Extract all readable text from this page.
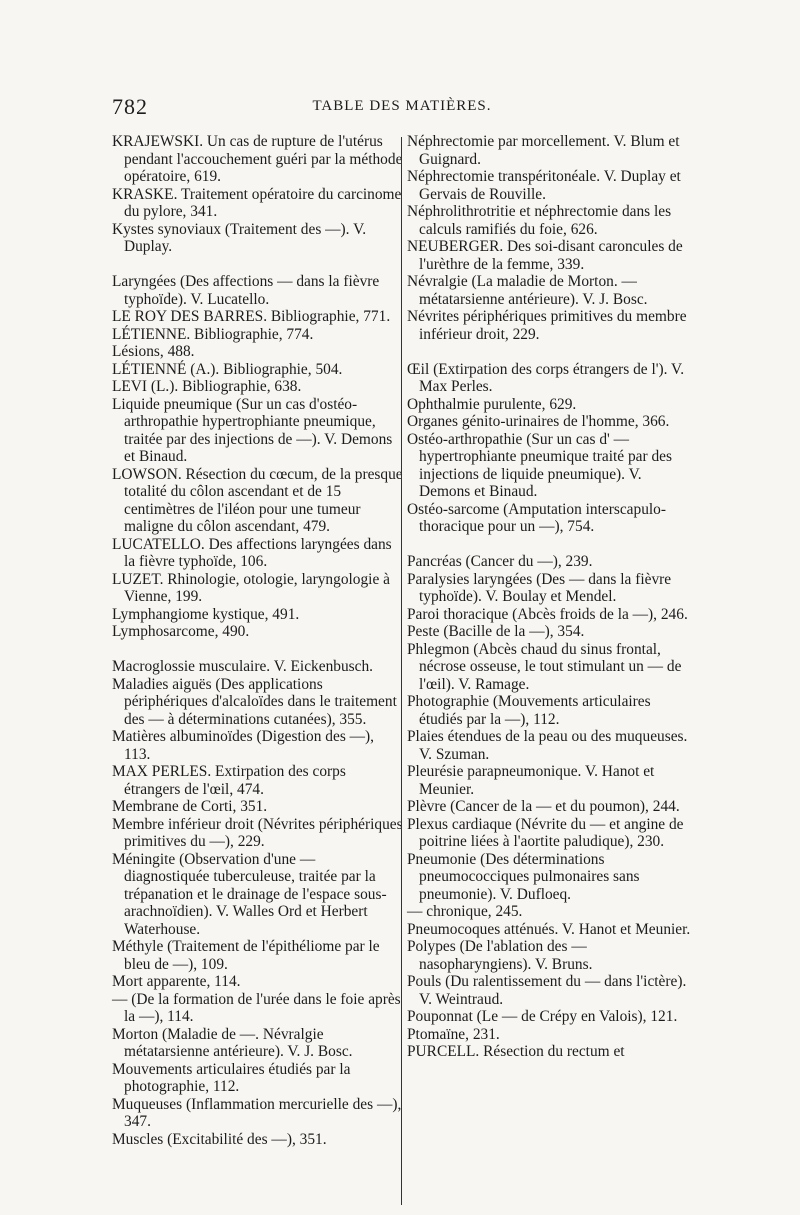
782	TABLE DES MATIÈRES.

KRAJEWSKI. Un cas de rupture de l'utérus pendant l'accouchement guéri par la méthode opératoire, 619.

KRASKE. Traitement opératoire du carcinome du pylore, 341.

Kystes synoviaux (Traitement des —). V. Duplay.

Laryngées (Des affections — dans la fièvre typhoïde). V. Lucatello.

LE ROY DES BARRES. Bibliographie, 771.

LÉTIENNE. Bibliographie, 774.

Lésions, 488.

LÉTIENNÉ (A.). Bibliographie, 504.

LEVI (L.). Bibliographie, 638.

Liquide pneumique (Sur un cas d'ostéo-arthropathie hypertrophiante pneumique, traitée par des injections de —). V. Demons et Binaud.

LOWSON. Résection du cœcum, de la presque totalité du côlon ascendant et de 15 centimètres de l'iléon pour une tumeur maligne du côlon ascendant, 479.

LUCATELLO. Des affections laryngées dans la fièvre typhoïde, 106.

LUZET. Rhinologie, otologie, laryngologie à Vienne, 199.

Lymphangiome kystique, 491.

Lymphosarcome, 490.

Macroglossie musculaire. V. Eickenbusch.

Maladies aiguës (Des applications périphériques d'alcaloïdes dans le traitement des — à déterminations cutanées), 355.

Matières albuminoïdes (Digestion des —), 113.

MAX PERLES. Extirpation des corps étrangers de l'œil, 474.

Membrane de Corti, 351.

Membre inférieur droit (Névrites périphériques primitives du —), 229.

Méningite (Observation d'une — diagnostiquée tuberculeuse, traitée par la trépanation et le drainage de l'espace sous-arachnoïdien). V. Walles Ord et Herbert Waterhouse.

Méthyle (Traitement de l'épithéliome par le bleu de —), 109.

Mort apparente, 114.

— (De la formation de l'urée dans le foie après la —), 114.

Morton (Maladie de —. Névralgie métatarsienne antérieure). V. J. Bosc.

Mouvements articulaires étudiés par la photographie, 112.

Muqueuses (Inflammation mercurielle des —), 347.

Muscles (Excitabilité des —), 351.

Néphrectomie par morcellement. V. Blum et Guignard.

Néphrectomie transpéritonéale. V. Duplay et Gervais de Rouville.

Néphrolithrotritie et néphrectomie dans les calculs ramifiés du foie, 626.

NEUBERGER. Des soi-disant caroncules de l'urèthre de la femme, 339.

Névralgie (La maladie de Morton. — métatarsienne antérieure). V. J. Bosc.

Névrites périphériques primitives du membre inférieur droit, 229.

Œil (Extirpation des corps étrangers de l'). V. Max Perles.

Ophthalmie purulente, 629.

Organes génito-urinaires de l'homme, 366.

Ostéo-arthropathie (Sur un cas d' — hypertrophiante pneumique traité par des injections de liquide pneumique). V. Demons et Binaud.

Ostéo-sarcome (Amputation interscapulo-thoracique pour un —), 754.

Pancréas (Cancer du —), 239.

Paralysies laryngées (Des — dans la fièvre typhoïde). V. Boulay et Mendel.

Paroi thoracique (Abcès froids de la —), 246.

Peste (Bacille de la —), 354.

Phlegmon (Abcès chaud du sinus frontal, nécrose osseuse, le tout stimulant un — de l'œil). V. Ramage.

Photographie (Mouvements articulaires étudiés par la —), 112.

Plaies étendues de la peau ou des muqueuses. V. Szuman.

Pleurésie parapneumonique. V. Hanot et Meunier.

Plèvre (Cancer de la — et du poumon), 244.

Plexus cardiaque (Névrite du — et angine de poitrine liées à l'aortite paludique), 230.

Pneumonie (Des déterminations pneumococciques pulmonaires sans pneumonie). V. Dufloeq.

— chronique, 245.

Pneumocoques atténués. V. Hanot et Meunier.

Polypes (De l'ablation des — nasopharyngiens). V. Bruns.

Pouls (Du ralentissement du — dans l'ictère). V. Weintraud.

Pouponnat (Le — de Crépy en Valois), 121.

Ptomaïne, 231.

PURCELL. Résection du rectum et
